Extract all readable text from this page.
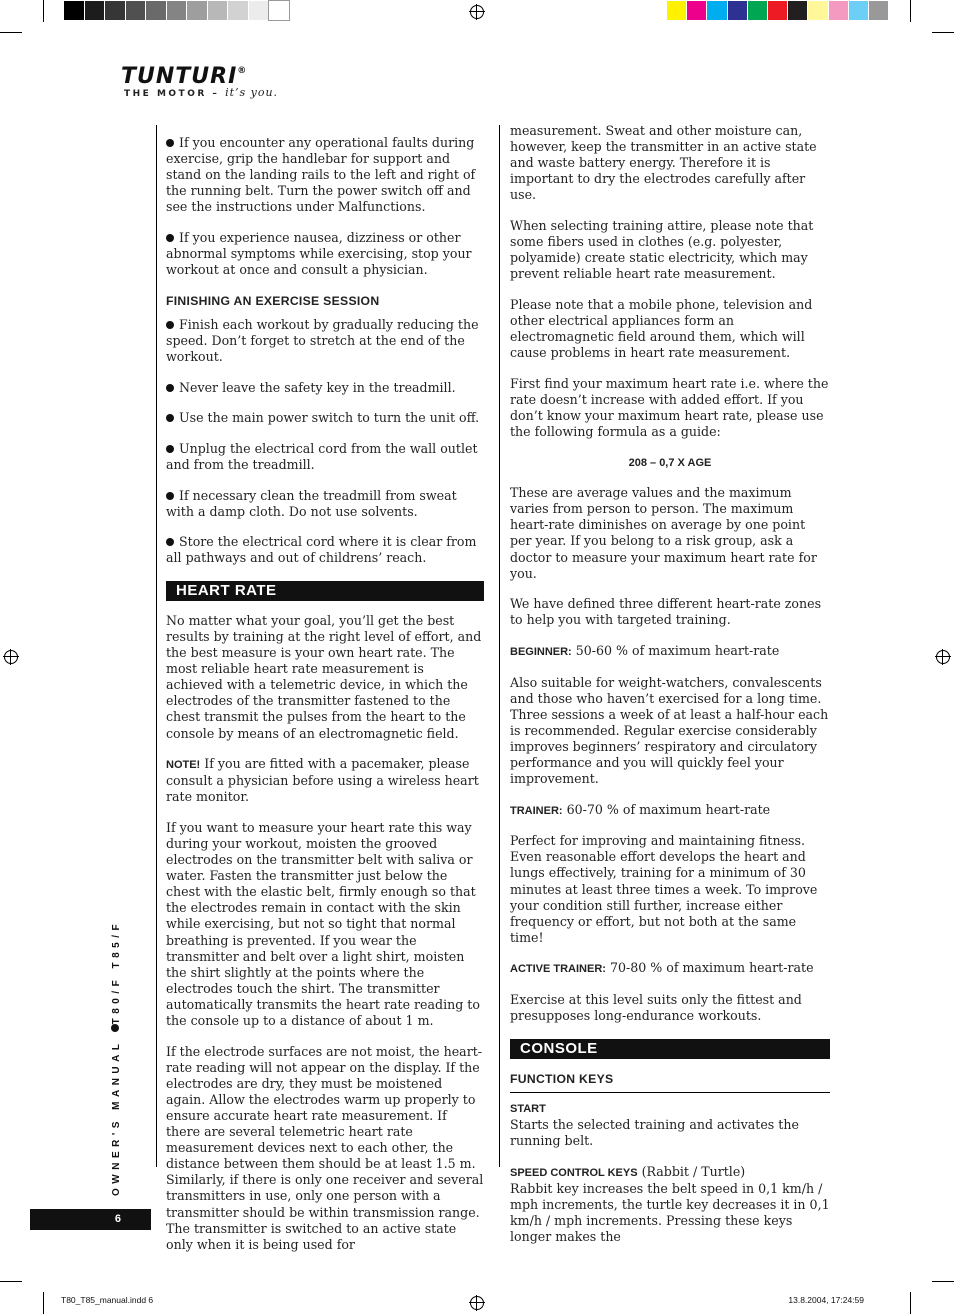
TUNTURI®
THE MOTOR – it’s you.

If you encounter any operational faults during exercise, grip the handlebar for support and stand on the landing rails to the left and right of the running belt. Turn the power switch off and see the instructions under Malfunctions.

If you experience nausea, dizziness or other abnormal symptoms while exercising, stop your workout at once and consult a physician.

FINISHING AN EXERCISE SESSION

Finish each workout by gradually reducing the speed. Don’t forget to stretch at the end of the workout.

Never leave the safety key in the treadmill.

Use the main power switch to turn the unit off.

Unplug the electrical cord from the wall outlet and from the treadmill.

If necessary clean the treadmill from sweat with a damp cloth. Do not use solvents.

Store the electrical cord where it is clear from all pathways and out of childrens’ reach.

HEART RATE

No matter what your goal, you’ll get the best results by training at the right level of effort, and the best measure is your own heart rate. The most reliable heart rate measurement is achieved with a telemetric device, in which the electrodes of the transmitter fastened to the chest transmit the pulses from the heart to the console by means of an electromagnetic field.

NOTE! If you are fitted with a pacemaker, please consult a physician before using a wireless heart rate monitor.

If you want to measure your heart rate this way during your workout, moisten the grooved electrodes on the transmitter belt with saliva or water. Fasten the transmitter just below the chest with the elastic belt, firmly enough so that the electrodes remain in contact with the skin while exercising, but not so tight that normal breathing is prevented. If you wear the transmitter and belt over a light shirt, moisten the shirt slightly at the points where the electrodes touch the shirt. The transmitter automatically transmits the heart rate reading to the console up to a distance of about 1 m.

If the electrode surfaces are not moist, the heart-rate reading will not appear on the display. If the electrodes are dry, they must be moistened again. Allow the electrodes warm up properly to ensure accurate heart rate measurement. If there are several telemetric heart rate measurement devices next to each other, the distance between them should be at least 1.5 m. Similarly, if there is only one receiver and several transmitters in use, only one person with a transmitter should be within transmission range. The transmitter is switched to an active state only when it is being used for

measurement. Sweat and other moisture can, however, keep the transmitter in an active state and waste battery energy. Therefore it is important to dry the electrodes carefully after use.

When selecting training attire, please note that some fibers used in clothes (e.g. polyester, polyamide) create static electricity, which may prevent reliable heart rate measurement.

Please note that a mobile phone, television and other electrical appliances form an electromagnetic field around them, which will cause problems in heart rate measurement.

First find your maximum heart rate i.e. where the rate doesn’t increase with added effort. If you don’t know your maximum heart rate, please use the following formula as a guide:

208 – 0,7 X AGE

These are average values and the maximum varies from person to person. The maximum heart-rate diminishes on average by one point per year. If you belong to a risk group, ask a doctor to measure your maximum heart rate for you.

We have defined three different heart-rate zones to help you with targeted training.

BEGINNER: 50-60 % of maximum heart-rate

Also suitable for weight-watchers, convalescents and those who haven’t exercised for a long time. Three sessions a week of at least a half-hour each is recommended. Regular exercise considerably improves beginners’ respiratory and circulatory performance and you will quickly feel your improvement.

TRAINER: 60-70 % of maximum heart-rate

Perfect for improving and maintaining fitness. Even reasonable effort develops the heart and lungs effectively, training for a minimum of 30 minutes at least three times a week. To improve your condition still further, increase either frequency or effort, but not both at the same time!

ACTIVE TRAINER: 70-80 % of maximum heart-rate

Exercise at this level suits only the fittest and presupposes long-endurance workouts.

CONSOLE
FUNCTION KEYS
START

Starts the selected training and activates the running belt.

SPEED CONTROL KEYS (Rabbit / Turtle)

Rabbit key increases the belt speed in 0,1 km/h / mph increments, the turtle key decreases it in 0,1 km/h / mph increments. Pressing these keys longer makes the

OWNER'S MANUAL T80/F T85/F
6
T80_T85_manual.indd 6	13.8.2004, 17:24:59
